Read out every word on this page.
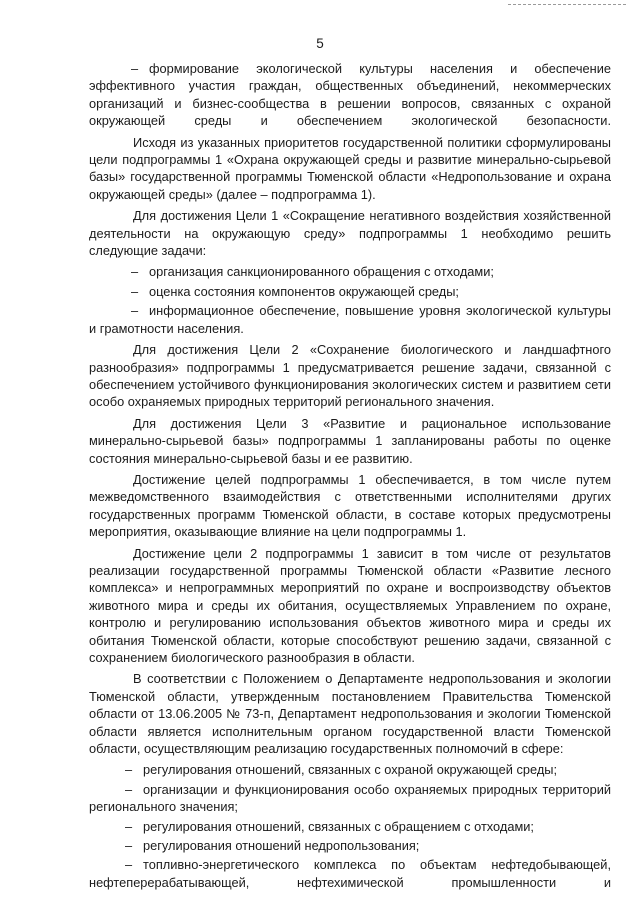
5

– формирование экологической культуры населения и обеспечение эффективного участия граждан, общественных объединений, некоммерческих организаций и бизнес-сообщества в решении вопросов, связанных с охраной окружающей среды и обеспечением экологической безопасности.

Исходя из указанных приоритетов государственной политики сформулированы цели подпрограммы 1 «Охрана окружающей среды и развитие минерально-сырьевой базы» государственной программы Тюменской области «Недропользование и охрана окружающей среды» (далее – подпрограмма 1).

Для достижения Цели 1 «Сокращение негативного воздействия хозяйственной деятельности на окружающую среду» подпрограммы 1 необходимо решить следующие задачи:

– организация санкционированного обращения с отходами;

– оценка состояния компонентов окружающей среды;

– информационное обеспечение, повышение уровня экологической культуры и грамотности населения.

Для достижения Цели 2 «Сохранение биологического и ландшафтного разнообразия» подпрограммы 1 предусматривается решение задачи, связанной с обеспечением устойчивого функционирования экологических систем и развитием сети особо охраняемых природных территорий регионального значения.

Для достижения Цели 3 «Развитие и рациональное использование минерально-сырьевой базы» подпрограммы 1 запланированы работы по оценке состояния минерально-сырьевой базы и ее развитию.

Достижение целей подпрограммы 1 обеспечивается, в том числе путем межведомственного взаимодействия с ответственными исполнителями других государственных программ Тюменской области, в составе которых предусмотрены мероприятия, оказывающие влияние на цели подпрограммы 1.

Достижение цели 2 подпрограммы 1 зависит в том числе от результатов реализации государственной программы Тюменской области «Развитие лесного комплекса» и непрограммных мероприятий по охране и воспроизводству объектов животного мира и среды их обитания, осуществляемых Управлением по охране, контролю и регулированию использования объектов животного мира и среды их обитания Тюменской области, которые способствуют решению задачи, связанной с сохранением биологического разнообразия в области.

В соответствии с Положением о Департаменте недропользования и экологии Тюменской области, утвержденным постановлением Правительства Тюменской области от 13.06.2005 № 73-п, Департамент недропользования и экологии Тюменской области является исполнительным органом государственной власти Тюменской области, осуществляющим реализацию государственных полномочий в сфере:

– регулирования отношений, связанных с охраной окружающей среды;

– организации и функционирования особо охраняемых природных территорий регионального значения;

– регулирования отношений, связанных с обращением с отходами;

– регулирования отношений недропользования;

– топливно-энергетического комплекса по объектам нефтедобывающей, нефтеперерабатывающей, нефтехимической промышленности и
